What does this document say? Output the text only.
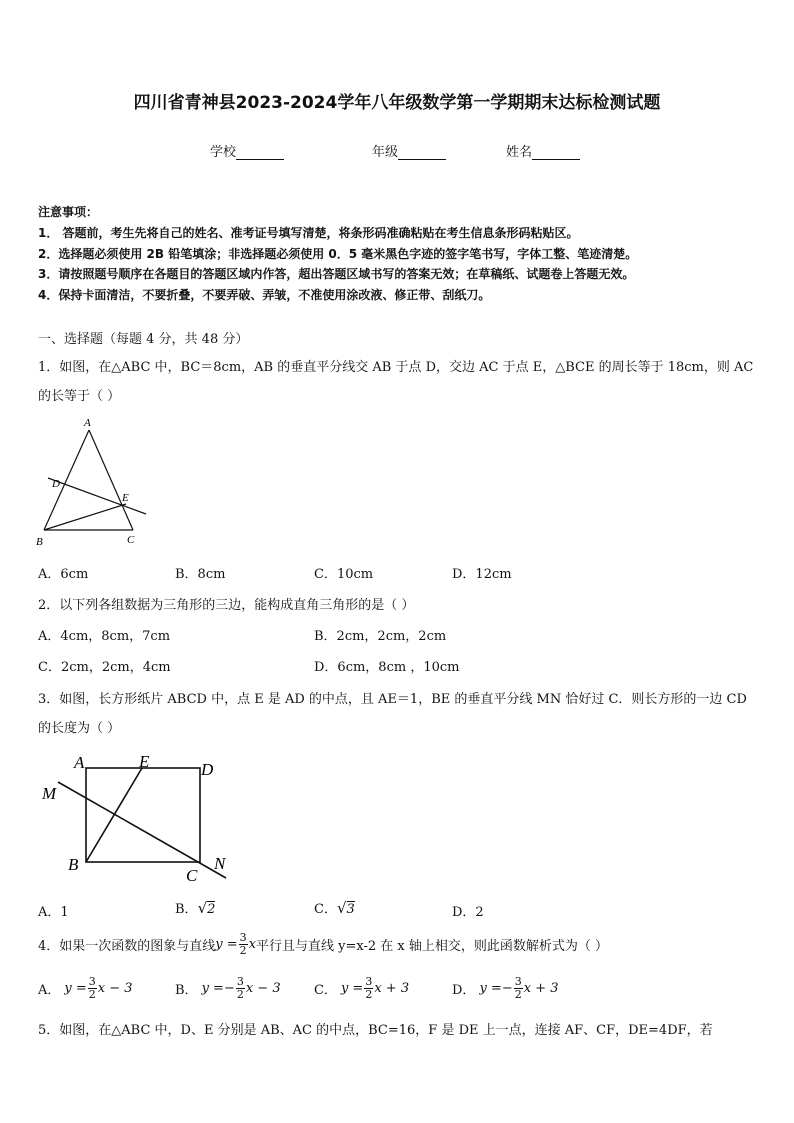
四川省青神县2023-2024学年八年级数学第一学期期末达标检测试题
学校	年级	姓名
注意事项：
1． 答题前，考生先将自己的姓名、准考证号填写清楚，将条形码准确粘贴在考生信息条形码粘贴区。
2．选择题必须使用 2B 铅笔填涂；非选择题必须使用 0．5 毫米黑色字迹的签字笔书写，字体工整、笔迹清楚。
3．请按照题号顺序在各题目的答题区域内作答，超出答题区域书写的答案无效；在草稿纸、试题卷上答题无效。
4．保持卡面清洁，不要折叠，不要弄破、弄皱，不准使用涂改液、修正带、刮纸刀。
一、选择题（每题 4 分，共 48 分）
1．如图，在△ABC 中，BC＝8cm，AB 的垂直平分线交 AB 于点 D，交边 AC 于点 E，△BCE 的周长等于 18cm，则 AC
的长等于（ ）
A
D
E
B	C
A．6cm	B．8cm	C．10cm	D．12cm
2．以下列各组数据为三角形的三边，能构成直角三角形的是（ ）
A．4cm，8cm，7cm	B．2cm，2cm，2cm
C．2cm，2cm，4cm	D．6cm，8cm ，10cm
3．如图，长方形纸片 ABCD 中，点 E 是 AD 的中点，且 AE＝1，BE 的垂直平分线 MN 恰好过 C．则长方形的一边 CD
的长度为（ ）
A	E	D
M
B
C
N
A．1	B．√2	C．√3	D．2
4．如果一次函数的图象与直线 $y = \frac{3}{2}$ x 平行且与直线 y=x-2 在 x 轴上相交，则此函数解析式为（ ）
A． $y = \frac{3}{2}$ x − 3	B． y = − $\frac{3}{2}$ x − 3	C． $y = \frac{3}{2}$ x + 3	D． y = − $\frac{3}{2}$ x + 3
5．如图，在△ABC 中，D、E 分别是 AB、AC 的中点，BC=16，F 是 DE 上一点，连接 AF、CF，DE=4DF，若
